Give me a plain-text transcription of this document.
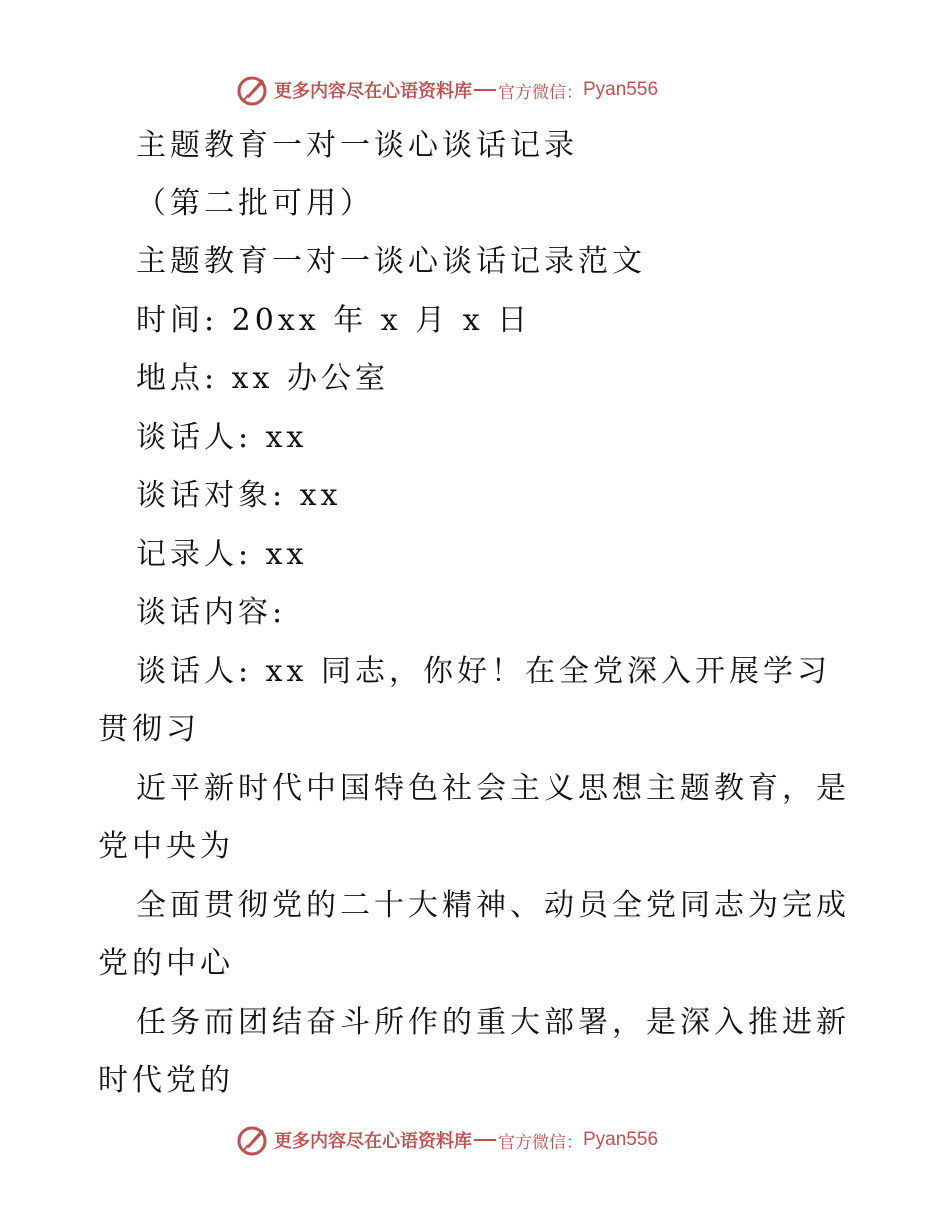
更多内容尽在心语资料库 官方微信： Pyan556
主题教育一对一谈心谈话记录
（第二批可用）
主题教育一对一谈心谈话记录范文
时间: 20xx 年 x 月 x 日
地点: xx 办公室
谈话人: xx
谈话对象: xx
记录人: xx
谈话内容:
谈话人: xx 同志，你好！在全党深入开展学习
贯彻习
近平新时代中国特色社会主义思想主题教育，是
党中央为
全面贯彻党的二十大精神、动员全党同志为完成
党的中心
任务而团结奋斗所作的重大部署，是深入推进新
时代党的
更多内容尽在心语资料库 官方微信： Pyan556
